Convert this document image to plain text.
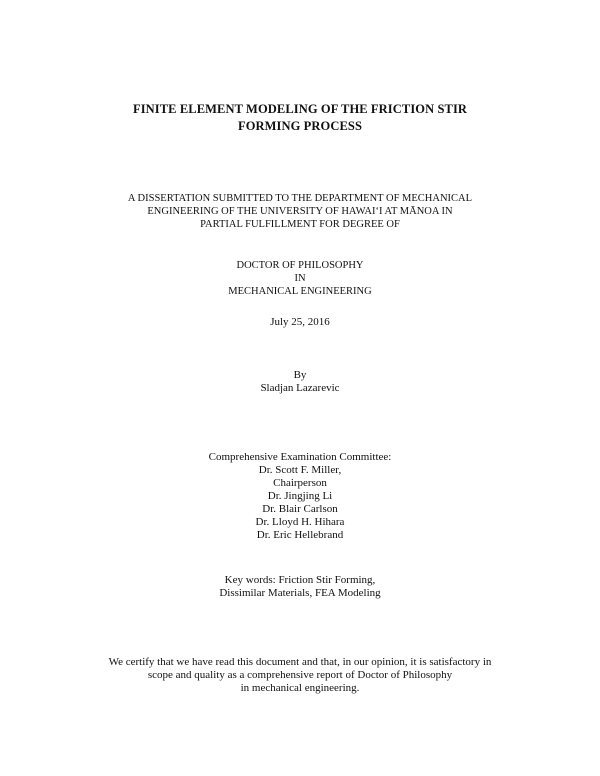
FINITE ELEMENT MODELING OF THE FRICTION STIR
FORMING PROCESS
A DISSERTATION SUBMITTED TO THE DEPARTMENT OF MECHANICAL
ENGINEERING OF THE UNIVERSITY OF HAWAIʻI AT MĀNOA IN
PARTIAL FULFILLMENT FOR DEGREE OF
DOCTOR OF PHILOSOPHY
IN
MECHANICAL ENGINEERING
July 25, 2016
By
Sladjan Lazarevic
Comprehensive Examination Committee:
Dr. Scott F. Miller,
Chairperson
Dr. Jingjing Li
Dr. Blair Carlson
Dr. Lloyd H. Hihara
Dr. Eric Hellebrand
Key words: Friction Stir Forming,
Dissimilar Materials, FEA Modeling
We certify that we have read this document and that, in our opinion, it is satisfactory in
scope and quality as a comprehensive report of Doctor of Philosophy
in mechanical engineering.
